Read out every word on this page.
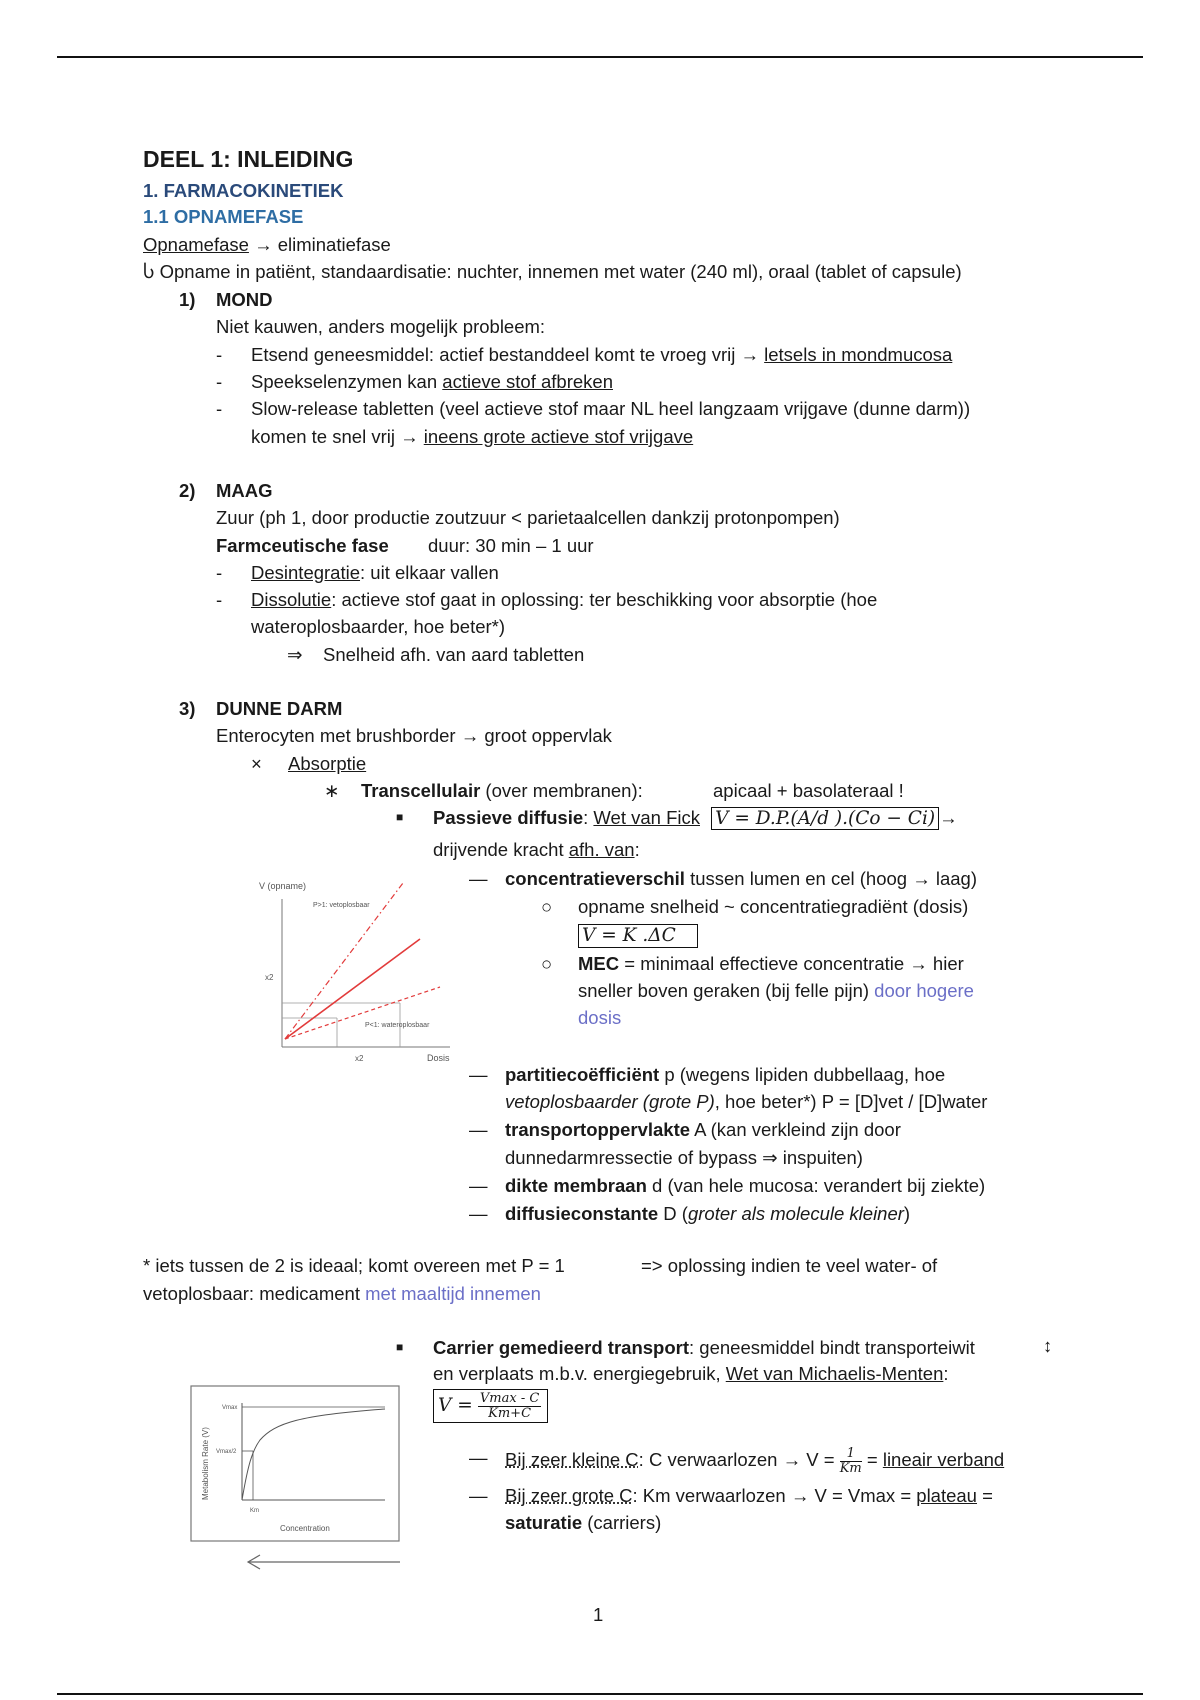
DEEL 1: INLEIDING
1. FARMACOKINETIEK
1.1 OPNAMEFASE
Opnamefase → eliminatiefase
Ⴑ Opname in patiënt, standaardisatie: nuchter, innemen met water (240 ml), oraal (tablet of capsule)
1) MOND
Niet kauwen, anders mogelijk probleem:
- Etsend geneesmiddel: actief bestanddeel komt te vroeg vrij → letsels in mondmucosa
- Speekselenzymen kan actieve stof afbreken
- Slow-release tabletten (veel actieve stof maar NL heel langzaam vrijgave (dunne darm))
komen te snel vrij → ineens grote actieve stof vrijgave
2) MAAG
Zuur (ph 1, door productie zoutzuur < parietaalcellen dankzij protonpompen)
Farmceutische fase duur: 30 min – 1 uur
- Desintegratie: uit elkaar vallen
- Dissolutie: actieve stof gaat in oplossing: ter beschikking voor absorptie (hoe
wateroplosbaarder, hoe beter*)
⇒ Snelheid afh. van aard tabletten
3) DUNNE DARM
Enterocyten met brushborder → groot oppervlak
× Absorptie
∗ Transcellulair (over membranen):	apicaal + basolateraal !
■ Passieve diffusie: Wet van Fick V = D.P.(A/d ).(Co − Ci) →
drijvende kracht afh. van:
— concentratieverschil tussen lumen en cel (hoog → laag)
○ opname snelheid ~ concentratiegradiënt (dosis)
V = K .ΔC
○ MEC = minimaal effectieve concentratie → hier
sneller boven geraken (bij felle pijn) door hogere
dosis
— partitiecoëfficiënt p (wegens lipiden dubbellaag, hoe
vetoplosbaarder (grote P), hoe beter*) P = [D]vet / [D]water
— transportoppervlakte A (kan verkleind zijn door
dunnedarmressectie of bypass ⇒ inspuiten)
— dikte membraan d (van hele mucosa: verandert bij ziekte)
— diffusieconstante D (groter als molecule kleiner)
V (opname)
Dosis
P>1: vetoplosbaar
P<1: wateroplosbaar
x2
x2
* iets tussen de 2 is ideaal; komt overeen met P = 1	=> oplossing indien te veel water- of
vetoplosbaar: medicament met maaltijd innemen
■ Carrier gemedieerd transport: geneesmiddel bindt transporteiwit	↕
en verplaats m.b.v. energiegebruik, Wet van Michaelis-Menten:
$V = \frac{Vmax - C}{Km+C}$
— Bij zeer kleine C: C verwaarlozen → $V = \frac{1}{Km}$ = lineair verband
— Bij zeer grote C: Km verwaarlozen → V = Vmax = plateau =
saturatie (carriers)
Metabolism Rate (V)
Vmax
Vmax/2
Km
Concentration
1
